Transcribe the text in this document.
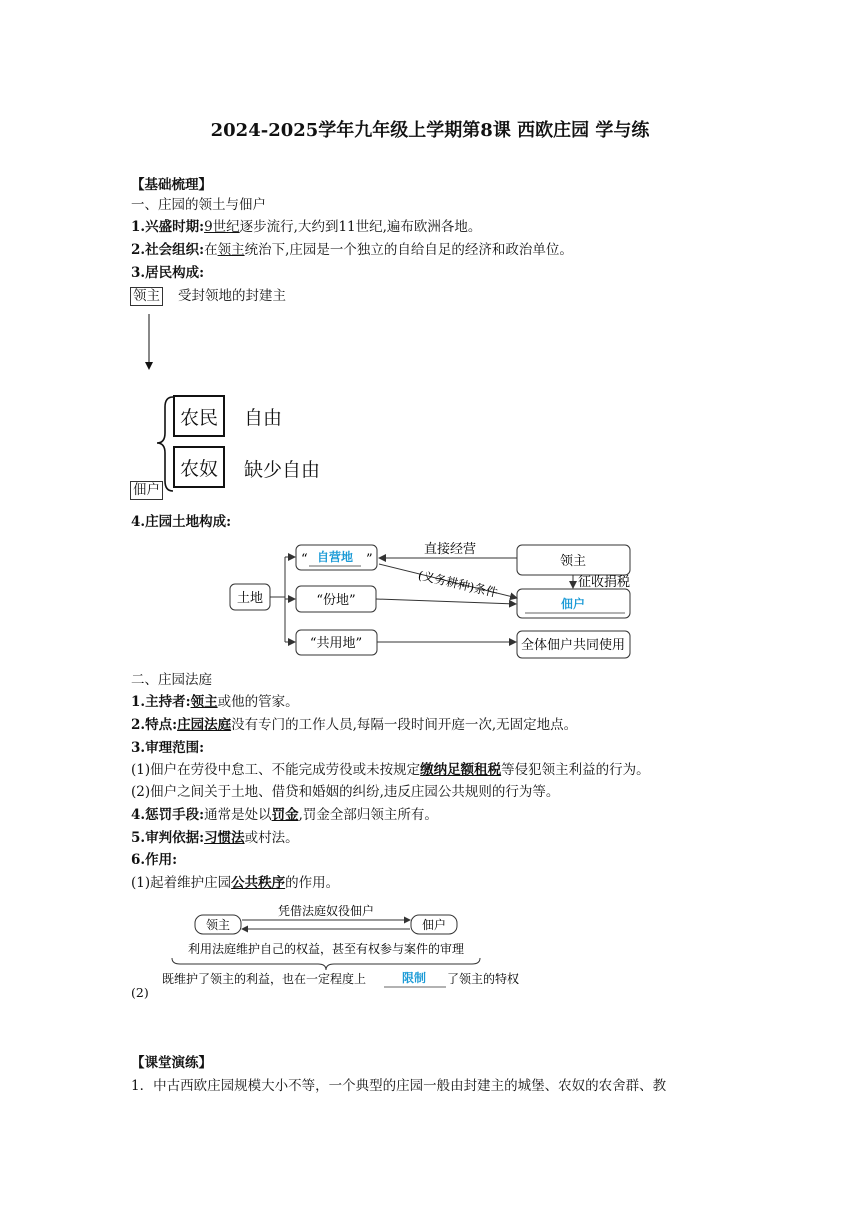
2024-2025学年九年级上学期第8课 西欧庄园 学与练
【基础梳理】
一、庄园的领土与佃户
1.兴盛时期:9世纪逐步流行,大约到11世纪,遍布欧洲各地。
2.社会组织:在领主统治下,庄园是一个独立的自给自足的经济和政治单位。
3.居民构成:
领主 受封领地的封建主
农民	自由
农奴	缺少自由
佃户
4.庄园土地构成:
土地
“ 自营地 ”
“份地”
“共用地”
领主
佃户
全体佃户共同使用
直接经营
(义务耕种)条件	征收捐税
二、庄园法庭
1.主持者:领主或他的管家。
2.特点:庄园法庭没有专门的工作人员,每隔一段时间开庭一次,无固定地点。
3.审理范围:
(1)佃户在劳役中怠工、不能完成劳役或未按规定缴纳足额租税等侵犯领主利益的行为。
(2)佃户之间关于土地、借贷和婚姻的纠纷,违反庄园公共规则的行为等。
4.惩罚手段:通常是处以罚金,罚金全部归领主所有。
5.审判依据:习惯法或村法。
6.作用:
(1)起着维护庄园公共秩序的作用。
领主	佃户
凭借法庭奴役佃户
利用法庭维护自己的权益，甚至有权参与案件的审理
既维护了领主的利益，也在一定程度上	限制 了领主的特权
(2)
【课堂演练】
1．中古西欧庄园规模大小不等，一个典型的庄园一般由封建主的城堡、农奴的农舍群、教
